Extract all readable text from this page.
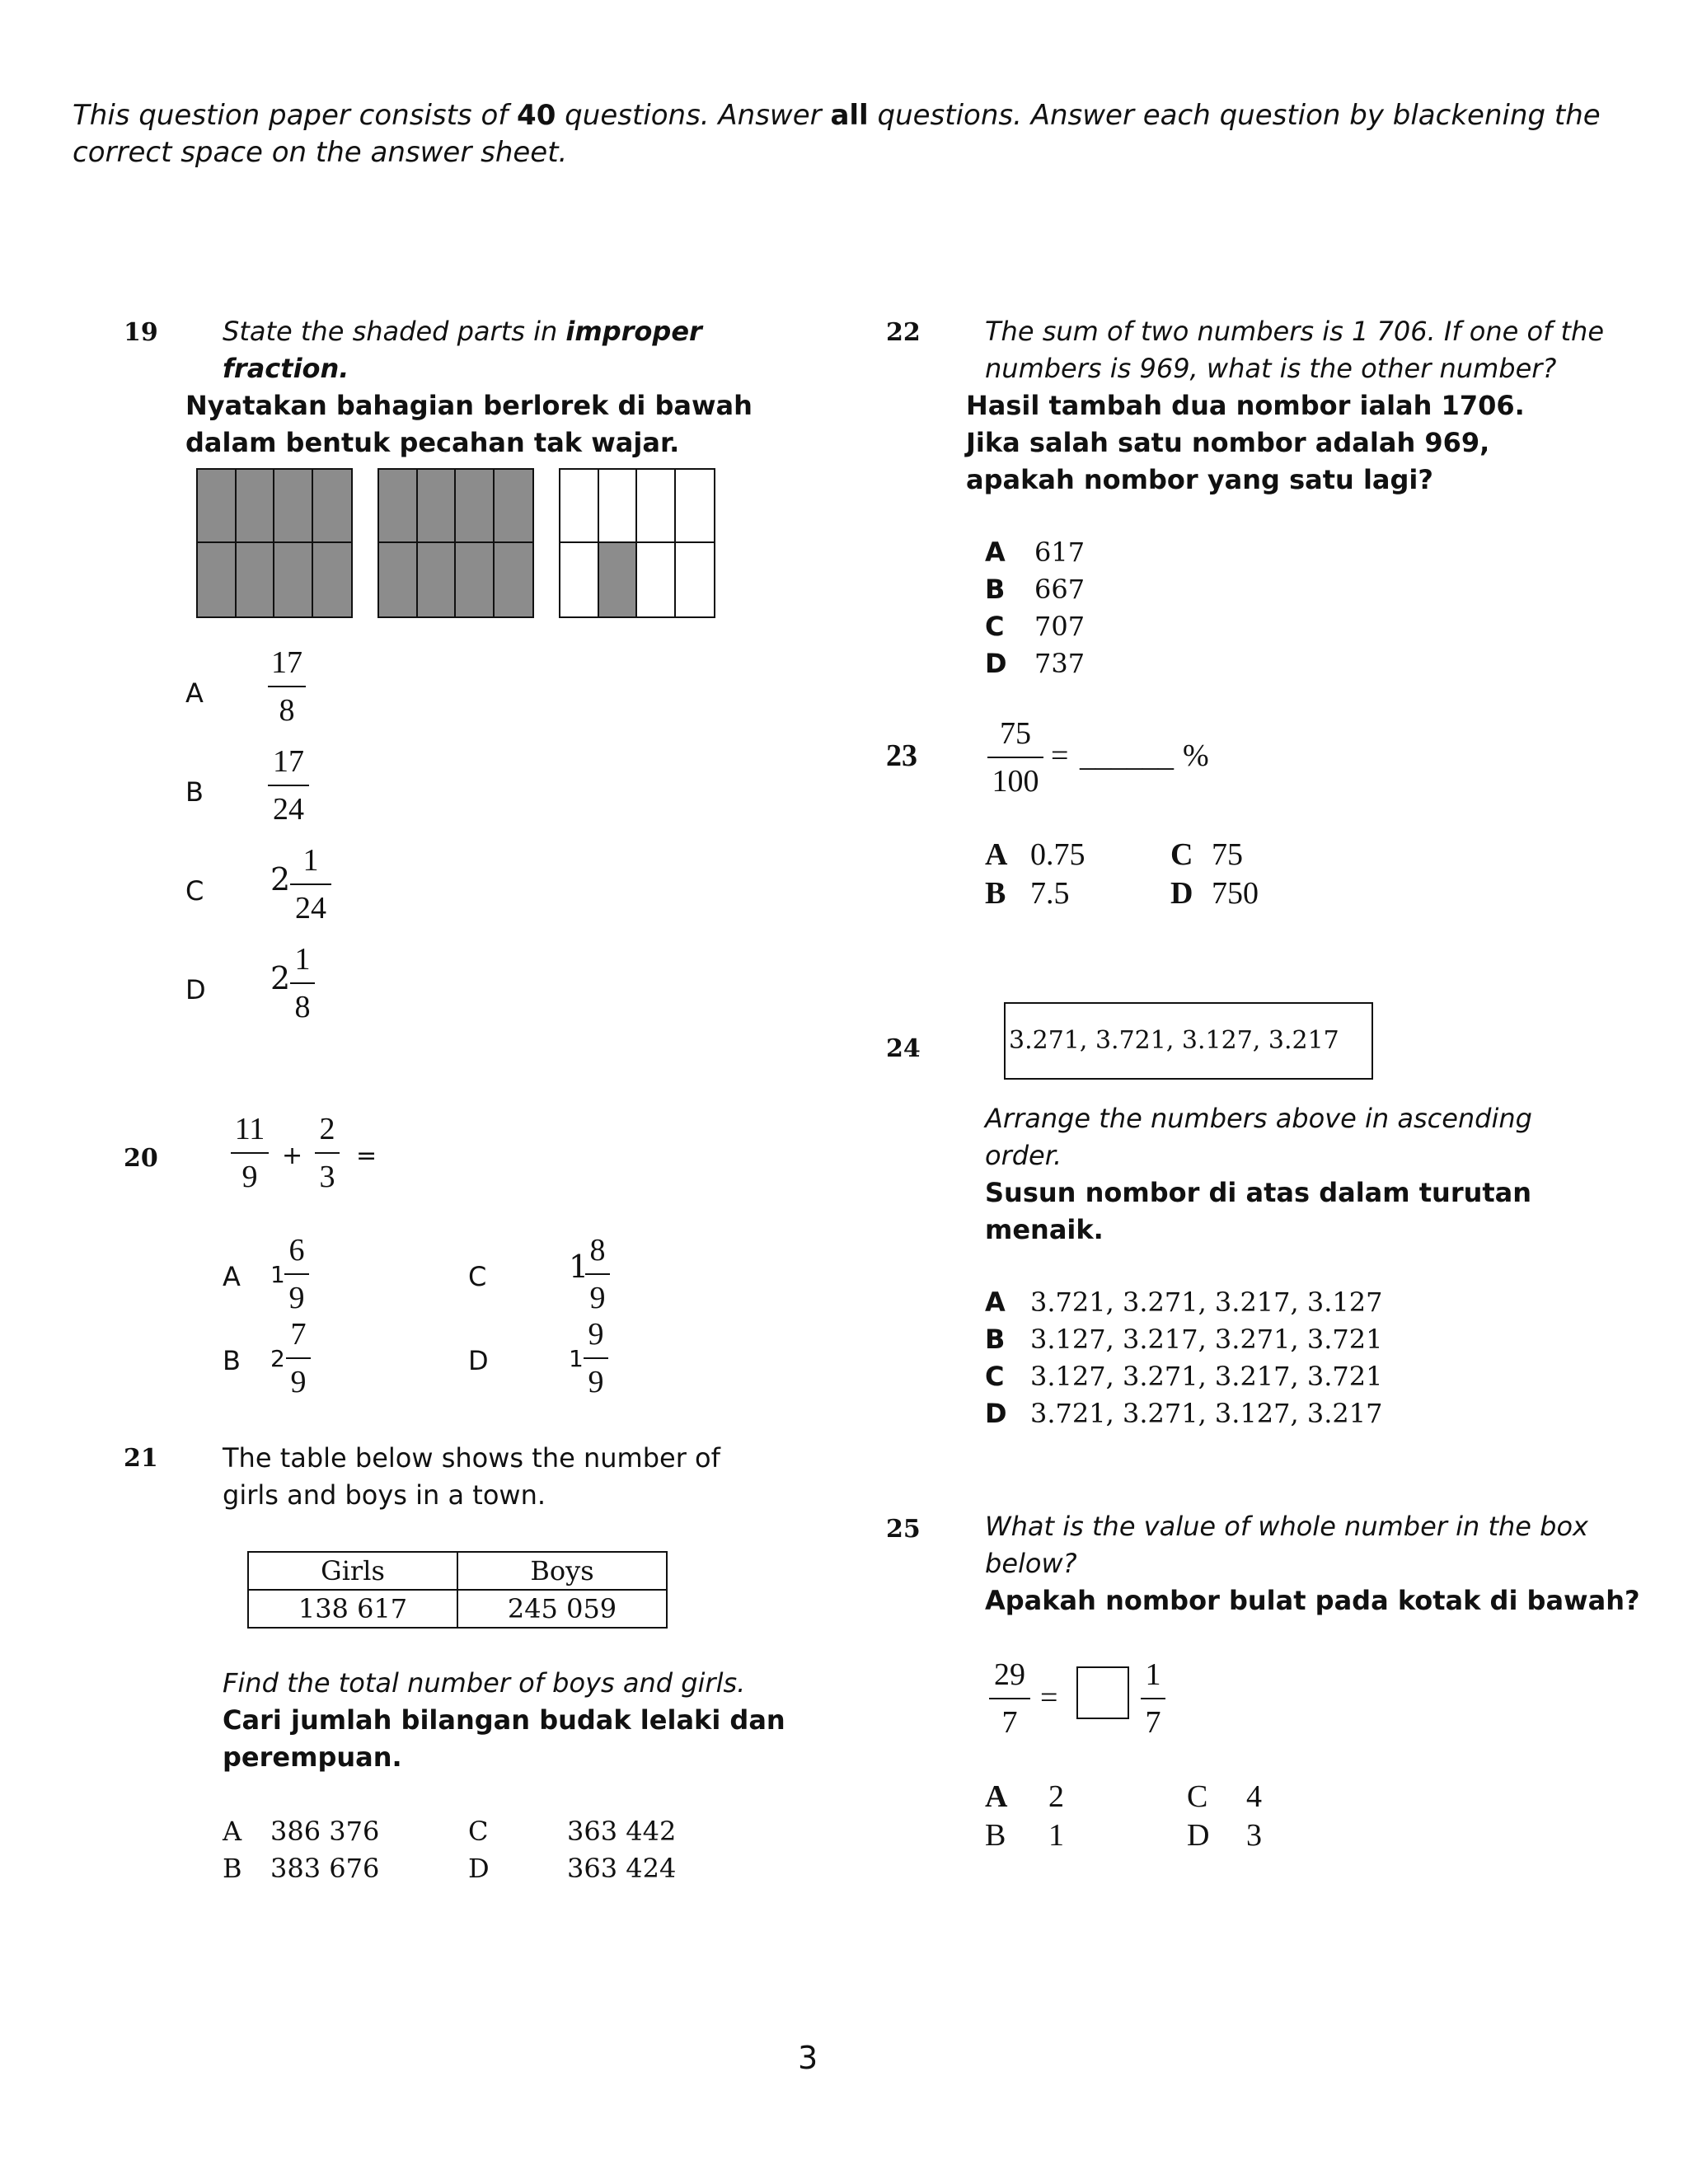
This question paper consists of 40 questions. Answer all questions. Answer each question by blackening the
correct space on the answer sheet.
19 State the shaded parts in improper
fraction.
Nyatakan bahagian berlorek di bawah
dalam bentuk pecahan tak wajar.
A
17
8
B
17
24
C 2
1
24
D 2
1
8
20
11
9
+
2
3
=
A 1
6
9
B 2
7
9
C	1 8
9
D	1
9
9
21 The table below shows the number of
girls and boys in a town.
Girls	Boys
138 617	245 059
Find the total number of boys and girls.
Cari jumlah bilangan budak lelaki dan
perempuan.
A 386 376
B 383 676
C	363 442
D	363 424
22 The sum of two numbers is 1 706. If one of the
numbers is 969, what is the other number?
Hasil tambah dua nombor ialah 1706.
Jika salah satu nombor adalah 969,
apakah nombor yang satu lagi?
A 617
B 667
C 707
D 737
23
75
100
= ______ %
A 0.75
B 7.5
C 75
D 750
24	3.271, 3.721, 3.127, 3.217
Arrange the numbers above in ascending
order.
Susun nombor di atas dalam turutan
menaik.
A 3.721, 3.271, 3.217, 3.127
B 3.127, 3.217, 3.271, 3.721
C 3.127, 3.271, 3.217, 3.721
D 3.721, 3.271, 3.127, 3.217
25 What is the value of whole number in the box
below?
Apakah nombor bulat pada kotak di bawah?
29
7
=
1
7
A 2
B 1
C 4
D 3
3
